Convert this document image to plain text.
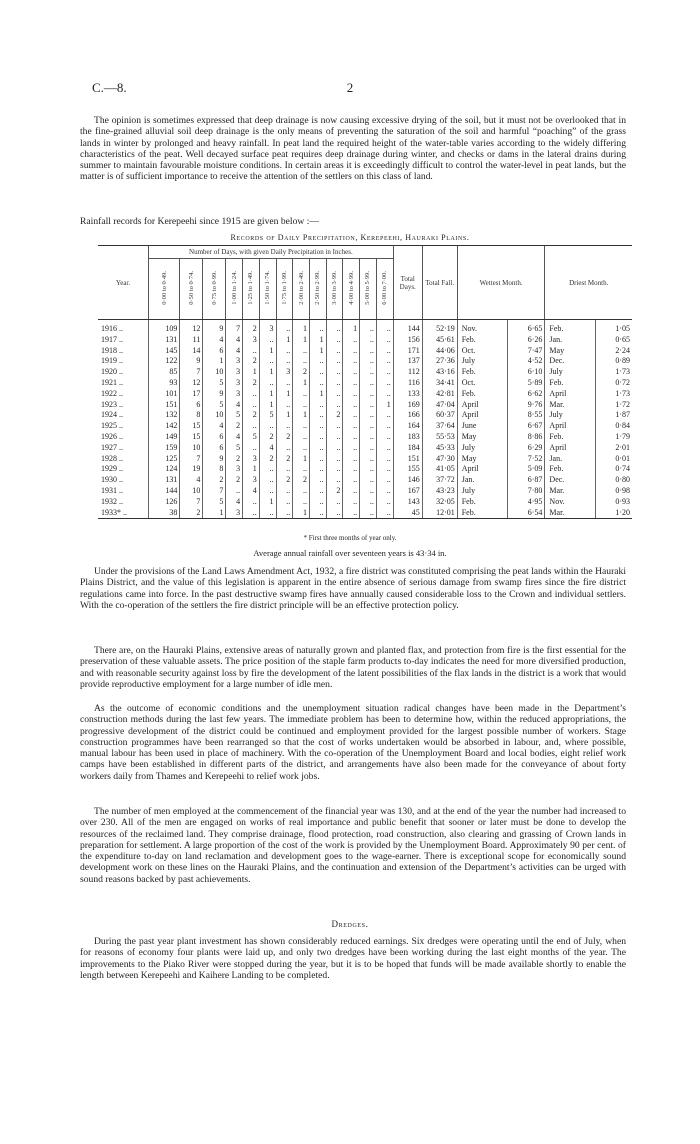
C.—8.	2

The opinion is sometimes expressed that deep drainage is now causing excessive drying of the soil, but it must not be overlooked that in the fine-grained alluvial soil deep drainage is the only means of preventing the saturation of the soil and harmful “poaching” of the grass lands in winter by prolonged and heavy rainfall. In peat land the required height of the water-table varies according to the widely differing characteristics of the peat. Well decayed surface peat requires deep drainage during winter, and checks or dams in the lateral drains during summer to maintain favourable moisture conditions. In certain areas it is exceedingly difficult to control the water-level in peat lands, but the matter is of sufficient importance to receive the attention of the settlers on this class of land.

Rainfall records for Kerepeehi since 1915 are given below :—

Records of Daily Precipitation, Kerepeehi, Hauraki Plains.
Year.	Number of Days, with given Daily Precipitation in Inches.													Total Days.	Total Fall.	Wettest Month.		Driest Month.	
	0·00 to 0·49.	0·50 to 0·74.	0·75 to 0·99.	1·00 to 1·24.	1·25 to 1·49.	1·50 to 1·74.	1·75 to 1·99.	2·00 to 2·49.	2·50 to 2·99.	3·00 to 3·99.	4·00 to 4·99.	5·00 to 5·99.	6·00 to 7·00.						
1916 ..	109	12	9	7	2	3	..	1	..	..	1	..	..	144	52·19	Nov.	6·65	Feb.	1·05
1917 ..	131	11	4	4	3	..	1	1	1	..	..	..	..	156	45·61	Feb.	6·26	Jan.	0·65
1918 ..	145	14	6	4	..	1	..	..	1	..	..	..	..	171	44·06	Oct.	7·47	May	2·24
1919 ..	122	9	1	3	2	..	..	..	..	..	..	..	..	137	27·36	July	4·52	Dec.	0·89
1920 ..	85	7	10	3	1	1	3	2	..	..	..	..	..	112	43·16	Feb.	6·10	July	1·73
1921 ..	93	12	5	3	2	..	..	1	..	..	..	..	..	116	34·41	Oct.	5·89	Feb.	0·72
1922 ..	101	17	9	3	..	1	1	..	1	..	..	..	..	133	42·81	Feb.	6·62	April	1·73
1923 ..	151	6	5	4	..	1	..	..	..	..	..	..	1	169	47·04	April	9·76	Mar.	1·72
1924 ..	132	8	10	5	2	5	1	1	..	2	..	..	..	166	60·37	April	8·55	July	1·87
1925 ..	142	15	4	2	..	..	..	..	..	..	..	..	..	164	37·64	June	6·67	April	0·84
1926 ..	149	15	6	4	5	2	2	..	..	..	..	..	..	183	55·53	May	8·86	Feb.	1·79
1927 ..	159	10	6	5	..	4	..	..	..	..	..	..	..	184	45·33	July	6·29	April	2·01
1928 ..	125	7	9	2	3	2	2	1	..	..	..	..	..	151	47·30	May	7·52	Jan.	0·01
1929 ..	124	19	8	3	1	..	..	..	..	..	..	..	..	155	41·05	April	5·09	Feb.	0·74
1930 ..	131	4	2	2	3	..	2	2	..	..	..	..	..	146	37·72	Jan.	6·87	Dec.	0·80
1931 ..	144	10	7	..	4	..	..	..	..	2	..	..	..	167	43·23	July	7·80	Mar.	0·98
1932 ..	126	7	5	4	..	1	..	..	..	..	..	..	..	143	32·05	Feb.	4·95	Nov.	0·93
1933* ..	38	2	1	3	..	..	..	1	..	..	..	..	..	45	12·01	Feb.	6·54	Mar.	1·20
* First three months of year only.
Average annual rainfall over seventeen years is 43·34 in.

Under the provisions of the Land Laws Amendment Act, 1932, a fire district was constituted comprising the peat lands within the Hauraki Plains District, and the value of this legislation is apparent in the entire absence of serious damage from swamp fires since the fire district regulations came into force. In the past destructive swamp fires have annually caused considerable loss to the Crown and individual settlers. With the co-operation of the settlers the fire district principle will be an effective protection policy.

There are, on the Hauraki Plains, extensive areas of naturally grown and planted flax, and protection from fire is the first essential for the preservation of these valuable assets. The price position of the staple farm products to-day indicates the need for more diversified production, and with reasonable security against loss by fire the development of the latent possibilities of the flax lands in the district is a work that would provide reproductive employment for a large number of idle men.

As the outcome of economic conditions and the unemployment situation radical changes have been made in the Department’s construction methods during the last few years. The immediate problem has been to determine how, within the reduced appropriations, the progressive development of the district could be continued and employment provided for the largest possible number of workers. Stage construction programmes have been rearranged so that the cost of works undertaken would be absorbed in labour, and, where possible, manual labour has been used in place of machinery. With the co-operation of the Unemployment Board and local bodies, eight relief work camps have been established in different parts of the district, and arrangements have also been made for the conveyance of about forty workers daily from Thames and Kerepeehi to relief work jobs.

The number of men employed at the commencement of the financial year was 130, and at the end of the year the number had increased to over 230. All of the men are engaged on works of real importance and public benefit that sooner or later must be done to develop the resources of the reclaimed land. They comprise drainage, flood protection, road construction, also clearing and grassing of Crown lands in preparation for settlement. A large proportion of the cost of the work is provided by the Unemployment Board. Approximately 90 per cent. of the expenditure to-day on land reclamation and development goes to the wage-earner. There is exceptional scope for economically sound development work on these lines on the Hauraki Plains, and the continuation and extension of the Department’s activities can be urged with sound reasons backed by past achievements.

Dredges.

During the past year plant investment has shown considerably reduced earnings. Six dredges were operating until the end of July, when for reasons of economy four plants were laid up, and only two dredges have been working during the last eight months of the year. The improvements to the Piako River were stopped during the year, but it is to be hoped that funds will be made available shortly to enable the length between Kerepeehi and Kaihere Landing to be completed.
